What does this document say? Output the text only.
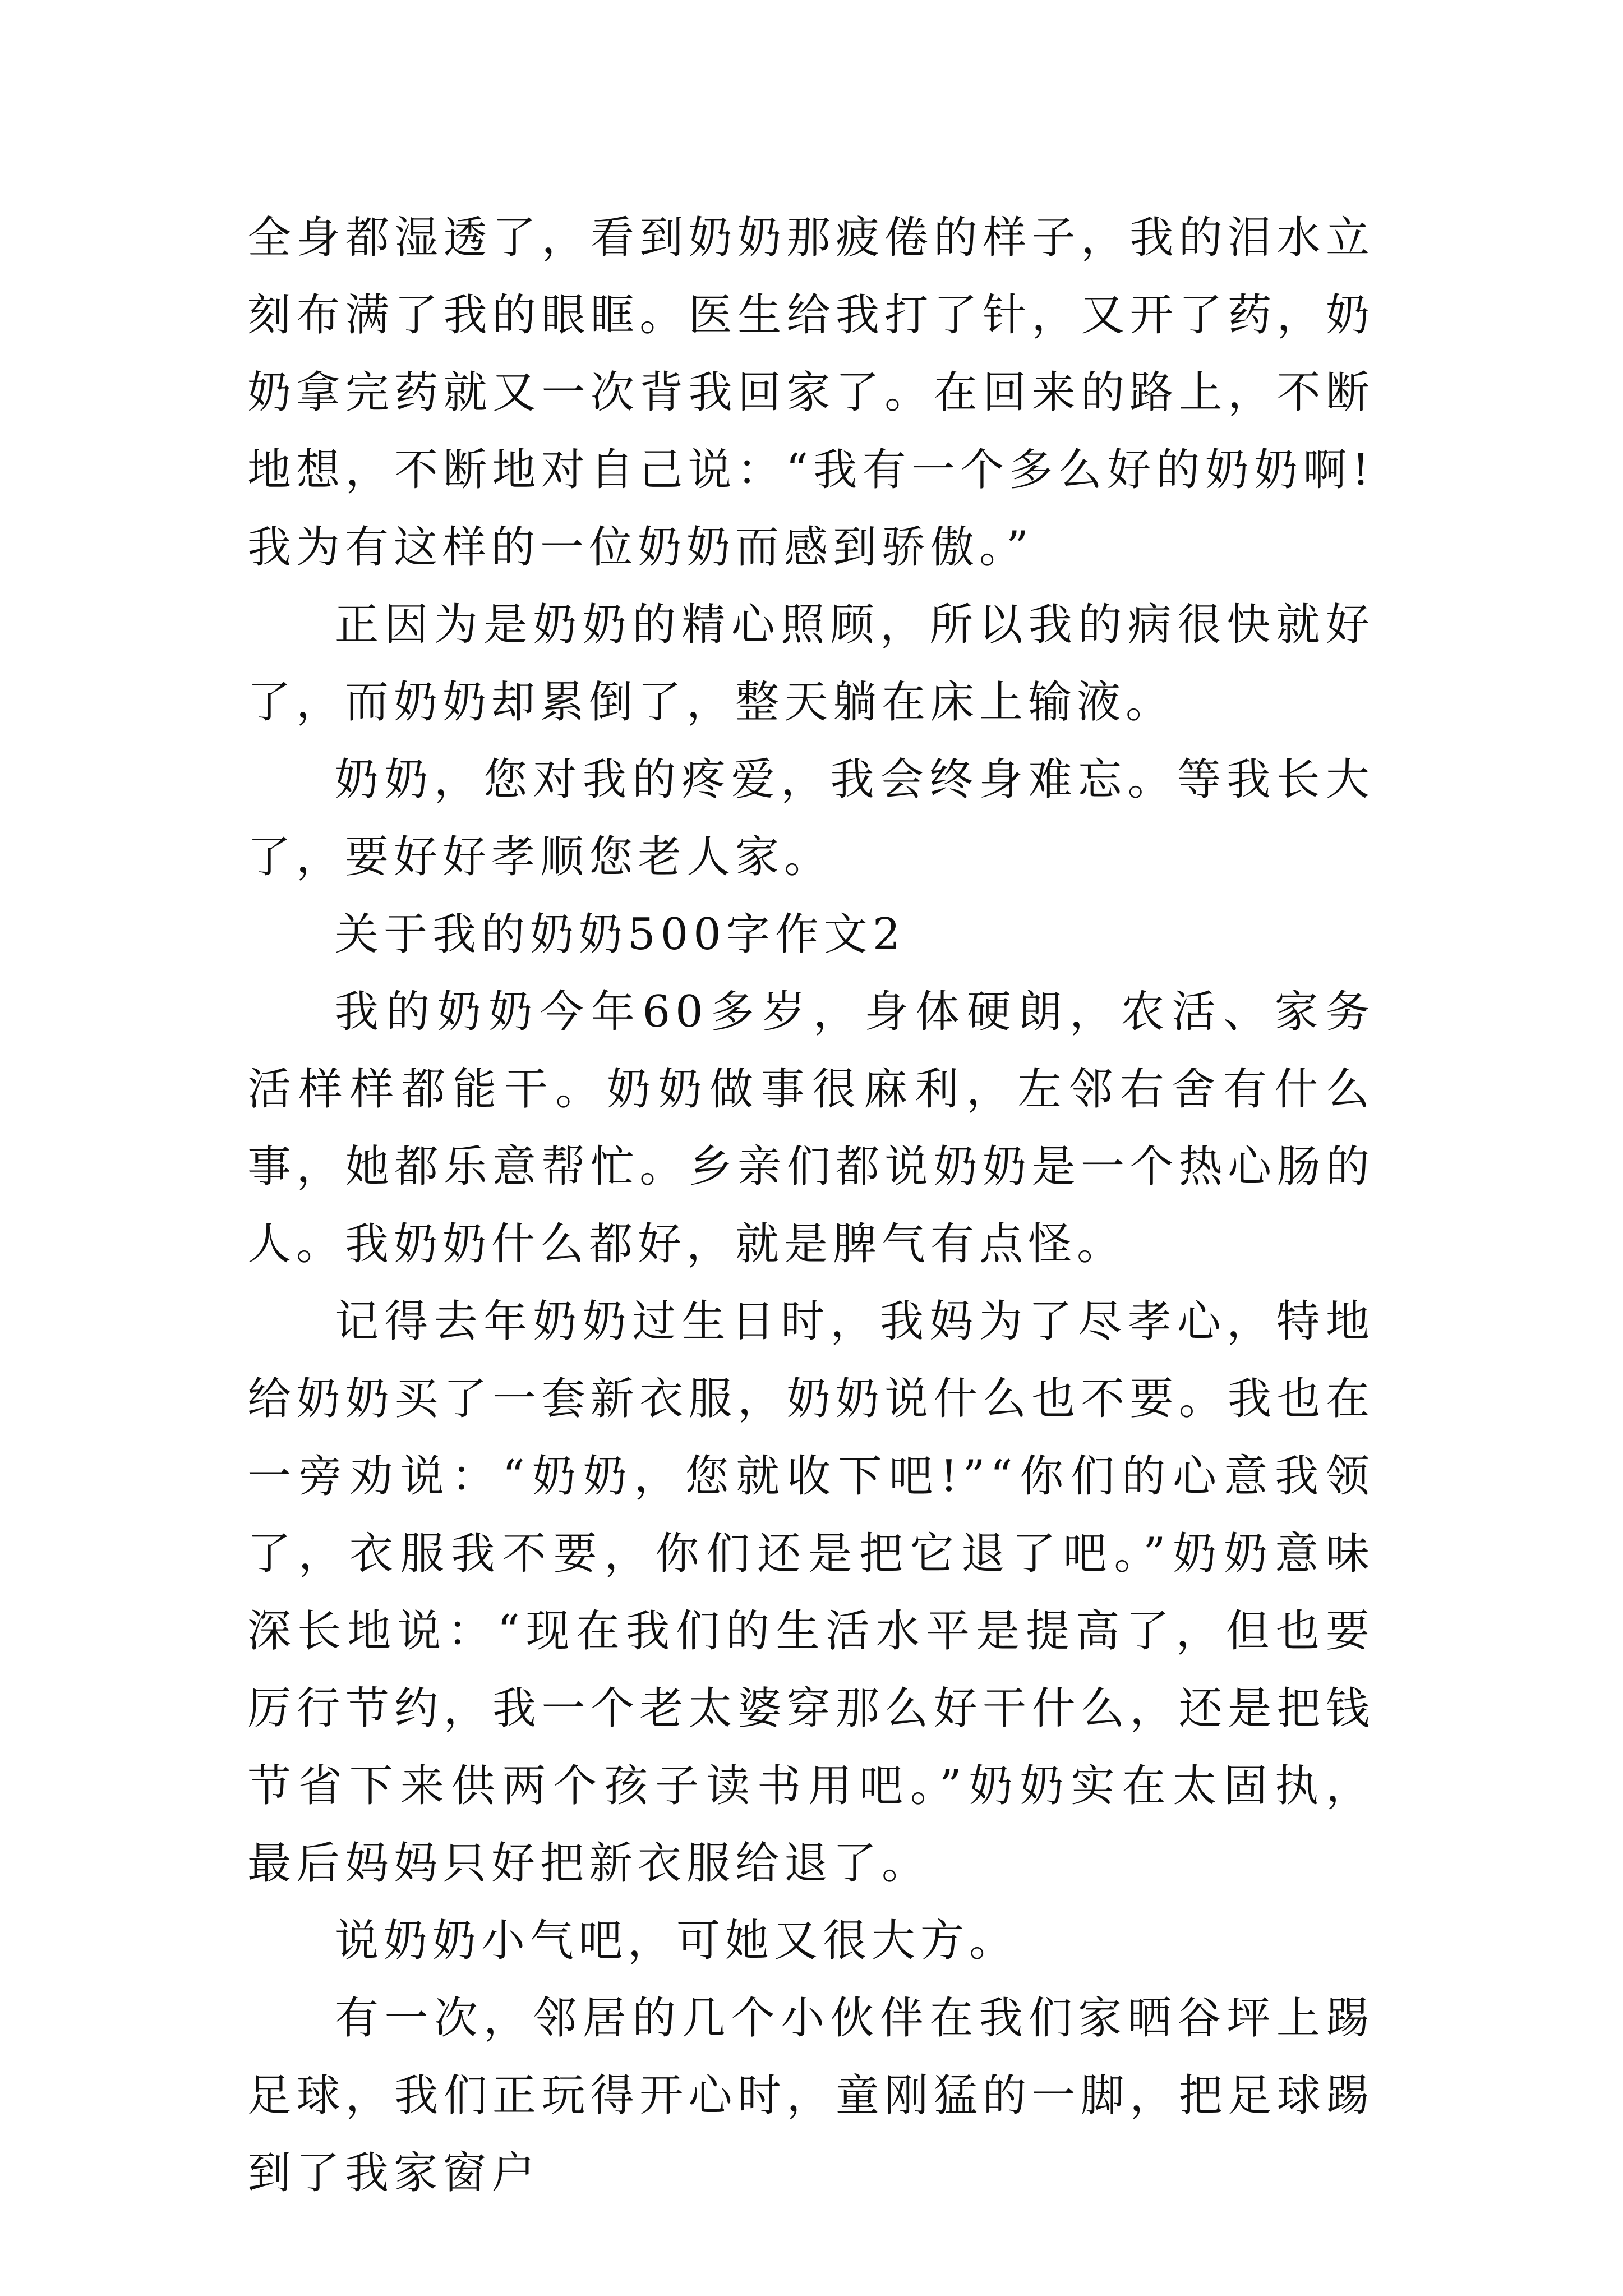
全身都湿透了，看到奶奶那疲倦的样子，我的泪水立刻布满了我的眼眶。医生给我打了针，又开了药，奶奶拿完药就又一次背我回家了。在回来的路上，不断地想，不断地对自己说：“我有一个多么好的奶奶啊!我为有这样的一位奶奶而感到骄傲。”

正因为是奶奶的精心照顾，所以我的病很快就好了，而奶奶却累倒了，整天躺在床上输液。

奶奶，您对我的疼爱，我会终身难忘。等我长大了，要好好孝顺您老人家。

关于我的奶奶500字作文2

我的奶奶今年60多岁，身体硬朗，农活、家务活样样都能干。奶奶做事很麻利，左邻右舍有什么事，她都乐意帮忙。乡亲们都说奶奶是一个热心肠的人。我奶奶什么都好，就是脾气有点怪。

记得去年奶奶过生日时，我妈为了尽孝心，特地给奶奶买了一套新衣服，奶奶说什么也不要。我也在一旁劝说：“奶奶，您就收下吧!”“你们的心意我领了，衣服我不要，你们还是把它退了吧。”奶奶意味深长地说：“现在我们的生活水平是提高了，但也要厉行节约，我一个老太婆穿那么好干什么，还是把钱节省下来供两个孩子读书用吧。”奶奶实在太固执，最后妈妈只好把新衣服给退了。

说奶奶小气吧，可她又很大方。

有一次，邻居的几个小伙伴在我们家晒谷坪上踢足球，我们正玩得开心时，童刚猛的一脚，把足球踢到了我家窗户
